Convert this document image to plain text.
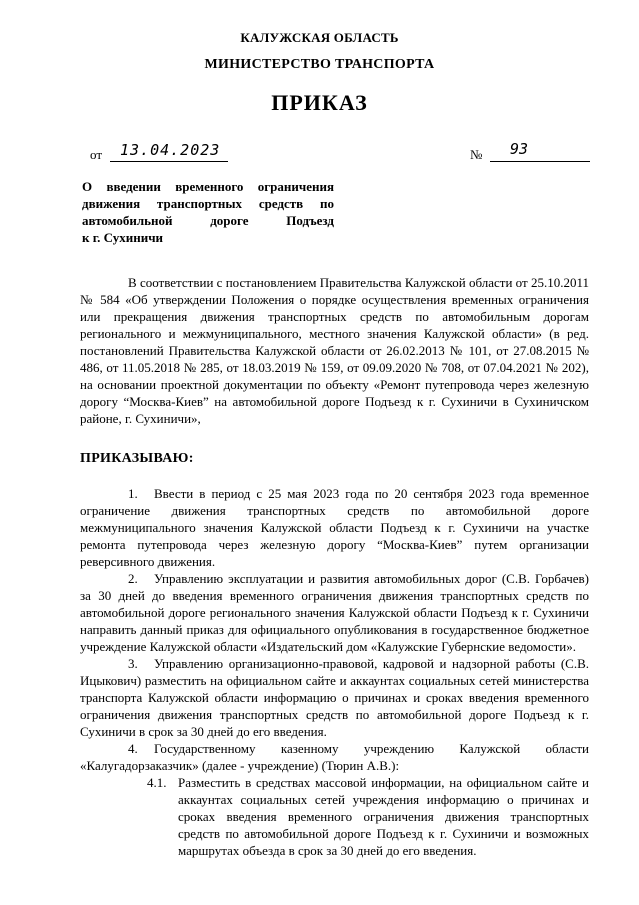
КАЛУЖСКАЯ ОБЛАСТЬ
МИНИСТЕРСТВО ТРАНСПОРТА
ПРИКАЗ
от 13.04.2023	№ 93
О введении временного ограничения
движения транспортных средств по
автомобильной дороге Подъезд
к г. Сухиничи
В соответствии с постановлением Правительства Калужской области от 25.10.2011 № 584 «Об утверждении Положения о порядке осуществления временных ограничения или прекращения движения транспортных средств по автомобильным дорогам регионального и межмуниципального, местного значения Калужской области» (в ред. постановлений Правительства Калужской области от 26.02.2013 № 101, от 27.08.2015 № 486, от 11.05.2018 № 285, от 18.03.2019 № 159, от 09.09.2020 № 708, от 07.04.2021 № 202), на основании проектной документации по объекту «Ремонт путепровода через железную дорогу “Москва-Киев” на автомобильной дороге Подъезд к г. Сухиничи в Сухиничском районе, г. Сухиничи»,
ПРИКАЗЫВАЮ:

1. Ввести в период с 25 мая 2023 года по 20 сентября 2023 года временное ограничение движения транспортных средств по автомобильной дороге межмуниципального значения Калужской области Подъезд к г. Сухиничи на участке ремонта путепровода через железную дорогу “Москва-Киев” путем организации реверсивного движения.

2. Управлению эксплуатации и развития автомобильных дорог (С.В. Горбачев) за 30 дней до введения временного ограничения движения транспортных средств по автомобильной дороге регионального значения Калужской области Подъезд к г. Сухиничи направить данный приказ для официального опубликования в государственное бюджетное учреждение Калужской области «Издательский дом «Калужские Губернские ведомости».

3. Управлению организационно-правовой, кадровой и надзорной работы (С.В. Ицыкович) разместить на официальном сайте и аккаунтах социальных сетей министерства транспорта Калужской области информацию о причинах и сроках введения временного ограничения движения транспортных средств по автомобильной дороге Подъезд к г. Сухиничи в срок за 30 дней до его введения.

4. Государственному казенному учреждению Калужской области «Калугадорзаказчик» (далее - учреждение) (Тюрин А.В.):

4.1. Разместить в средствах массовой информации, на официальном сайте и аккаунтах социальных сетей учреждения информацию о причинах и сроках введения временного ограничения движения транспортных средств по автомобильной дороге Подъезд к г. Сухиничи и возможных маршрутах объезда в срок за 30 дней до его введения.
